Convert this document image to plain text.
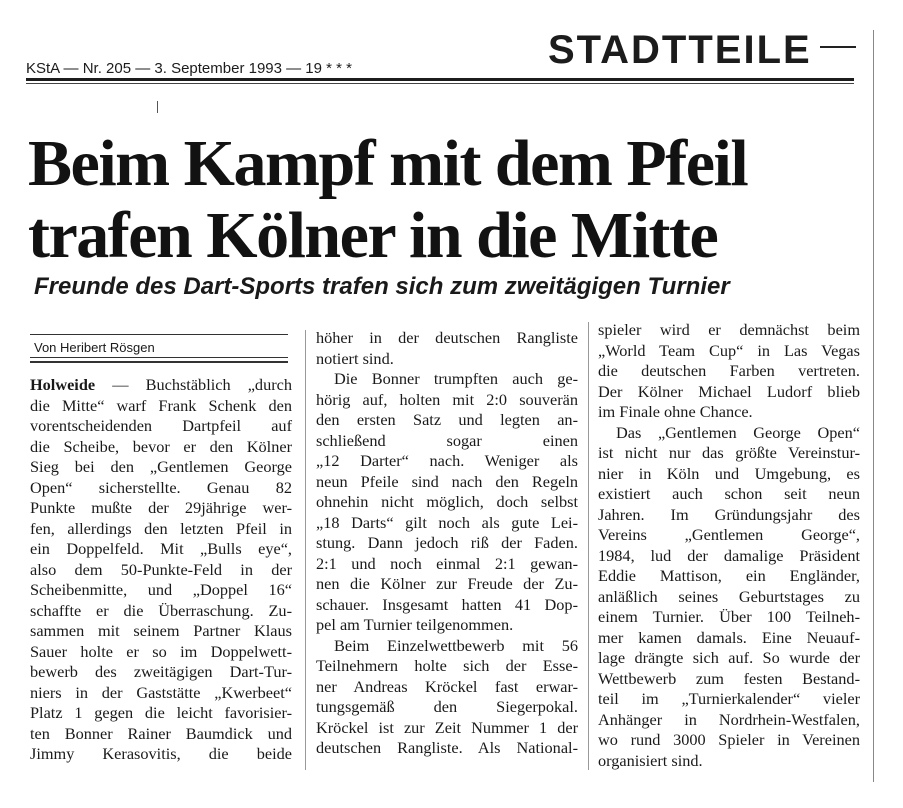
STADTTEILE
KStA — Nr. 205 — 3. September 1993 — 19 * * *
Beim Kampf mit dem Pfeil
trafen Kölner in die Mitte
Freunde des Dart-Sports trafen sich zum zweitägigen Turnier
Von Heribert Rösgen
Holweide — Buchstäblich „durch
die Mitte“ warf Frank Schenk den
vorentscheidenden Dartpfeil auf
die Scheibe, bevor er den Kölner
Sieg bei den „Gentlemen George
Open“ sicherstellte. Genau 82
Punkte mußte der 29jährige wer-
fen, allerdings den letzten Pfeil in
ein Doppelfeld. Mit „Bulls eye“,
also dem 50-Punkte-Feld in der
Scheibenmitte, und „Doppel 16“
schaffte er die Überraschung. Zu-
sammen mit seinem Partner Klaus
Sauer holte er so im Doppelwett-
bewerb des zweitägigen Dart-Tur-
niers in der Gaststätte „Kwerbeet“
Platz 1 gegen die leicht favorisier-
ten Bonner Rainer Baumdick und
Jimmy Kerasovitis, die beide
höher in der deutschen Rangliste
notiert sind.
Die Bonner trumpften auch ge-
hörig auf, holten mit 2:0 souverän
den ersten Satz und legten an-
schließend sogar einen
„12 Darter“ nach. Weniger als
neun Pfeile sind nach den Regeln
ohnehin nicht möglich, doch selbst
„18 Darts“ gilt noch als gute Lei-
stung. Dann jedoch riß der Faden.
2:1 und noch einmal 2:1 gewan-
nen die Kölner zur Freude der Zu-
schauer. Insgesamt hatten 41 Dop-
pel am Turnier teilgenommen.
Beim Einzelwettbewerb mit 56
Teilnehmern holte sich der Esse-
ner Andreas Kröckel fast erwar-
tungsgemäß den Siegerpokal.
Kröckel ist zur Zeit Nummer 1 der
deutschen Rangliste. Als National-
spieler wird er demnächst beim
„World Team Cup“ in Las Vegas
die deutschen Farben vertreten.
Der Kölner Michael Ludorf blieb
im Finale ohne Chance.
Das „Gentlemen George Open“
ist nicht nur das größte Vereinstur-
nier in Köln und Umgebung, es
existiert auch schon seit neun
Jahren. Im Gründungsjahr des
Vereins „Gentlemen George“,
1984, lud der damalige Präsident
Eddie Mattison, ein Engländer,
anläßlich seines Geburtstages zu
einem Turnier. Über 100 Teilneh-
mer kamen damals. Eine Neuauf-
lage drängte sich auf. So wurde der
Wettbewerb zum festen Bestand-
teil im „Turnierkalender“ vieler
Anhänger in Nordrhein-Westfalen,
wo rund 3000 Spieler in Vereinen
organisiert sind.
